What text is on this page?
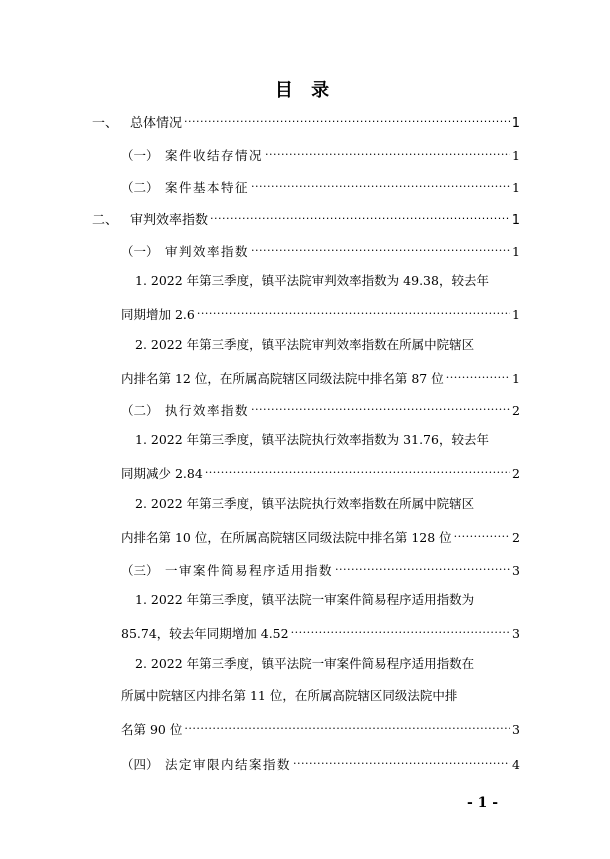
目 录
一、 总体情况 .....	1
（一） 案件收结存情况 .....	1
（二） 案件基本特征 .....	1
二、 审判效率指数 .....	1
（一） 审判效率指数 .....	1
1. 2022 年第三季度，镇平法院审判效率指数为 49.38，较去年
同期增加 2.6 .....	1
2. 2022 年第三季度，镇平法院审判效率指数在所属中院辖区
内排名第 12 位，在所属高院辖区同级法院中排名第 87 位 .....	1
（二） 执行效率指数 .....	2
1. 2022 年第三季度，镇平法院执行效率指数为 31.76，较去年
同期减少 2.84 .....	2
2. 2022 年第三季度，镇平法院执行效率指数在所属中院辖区
内排名第 10 位，在所属高院辖区同级法院中排名第 128 位 .....	2
（三） 一审案件简易程序适用指数 .....	3
1. 2022 年第三季度，镇平法院一审案件简易程序适用指数为
85.74，较去年同期增加 4.52 .....	3
2. 2022 年第三季度，镇平法院一审案件简易程序适用指数在
所属中院辖区内排名第 11 位，在所属高院辖区同级法院中排
名第 90 位 .....	3
（四） 法定审限内结案指数 .....	4
- 1 -
